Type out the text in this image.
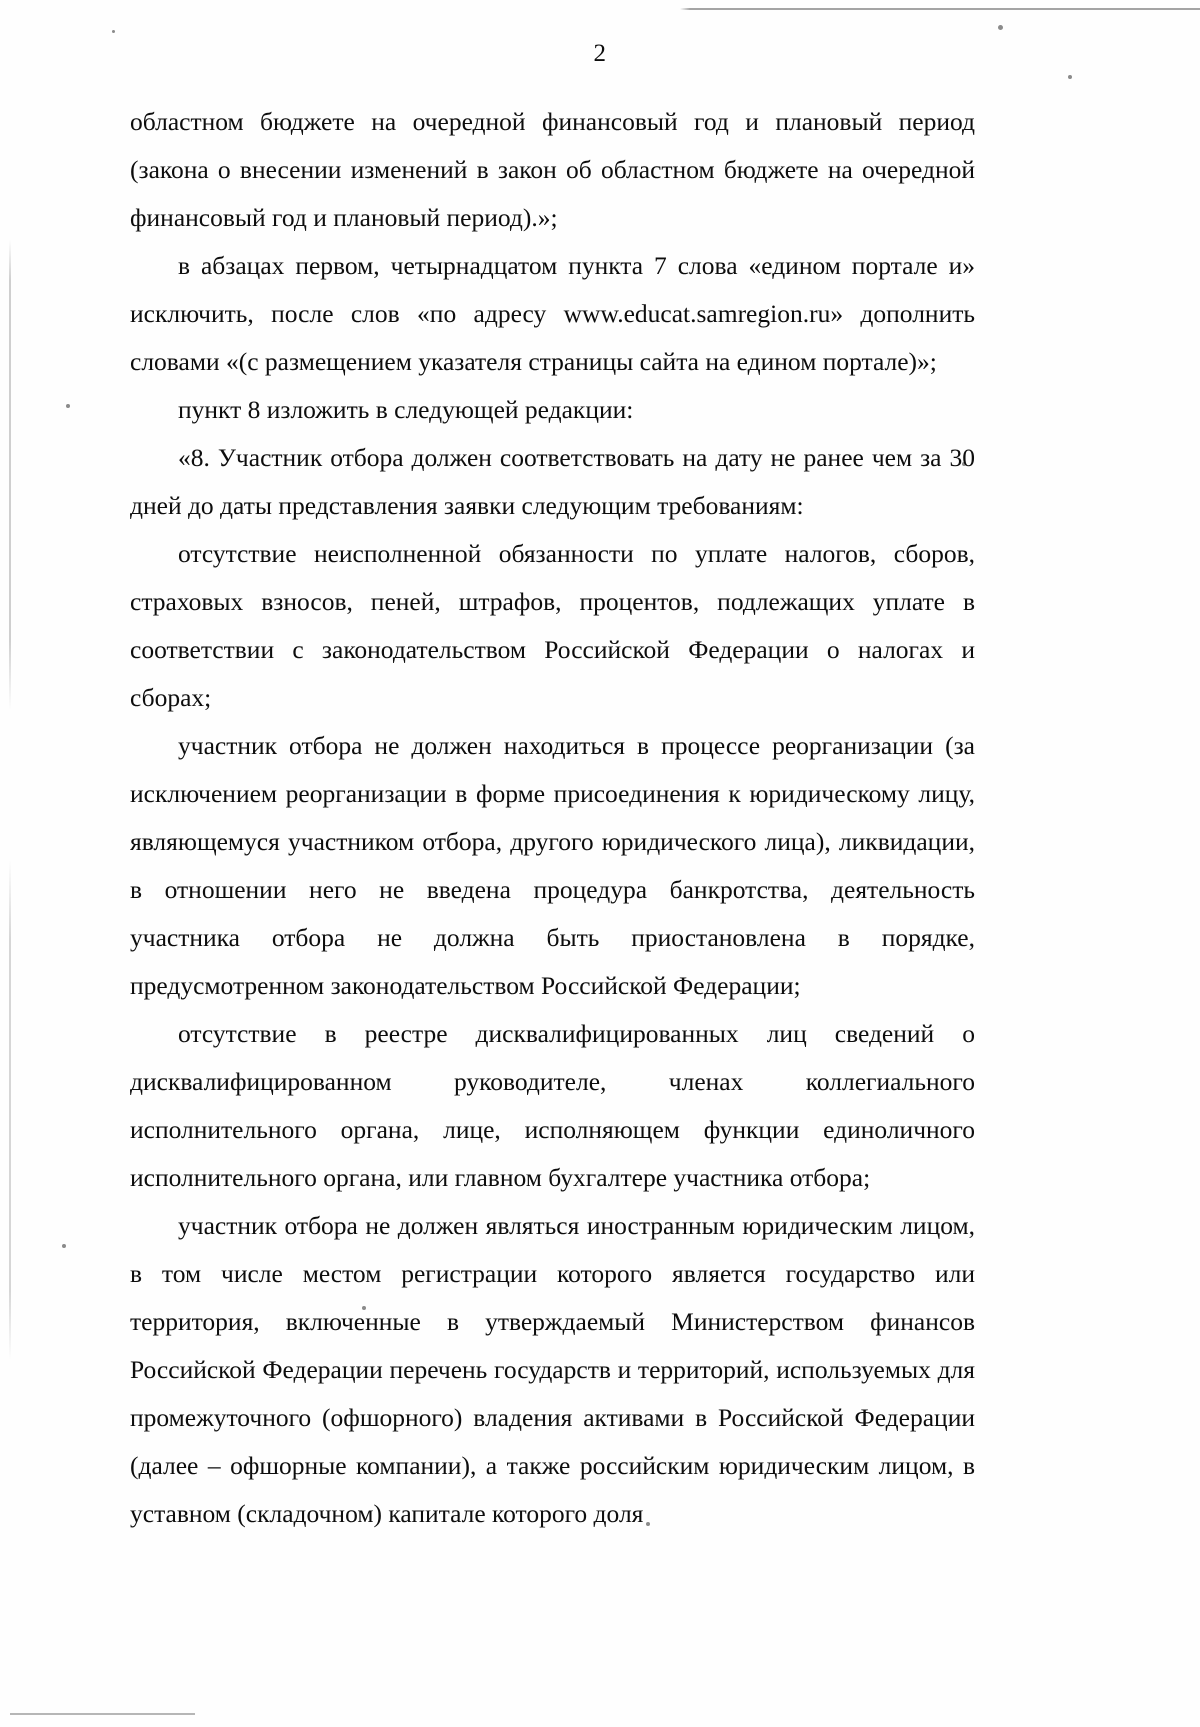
2

областном бюджете на очередной финансовый год и плановый период (закона о внесении изменений в закон об областном бюджете на очередной финансовый год и плановый период).»;

в абзацах первом, четырнадцатом пункта 7 слова «едином портале и» исключить, после слов «по адресу www.educat.samregion.ru» дополнить словами «(с размещением указателя страницы сайта на едином портале)»;

пункт 8 изложить в следующей редакции:

«8. Участник отбора должен соответствовать на дату не ранее чем за 30 дней до даты представления заявки следующим требованиям:

отсутствие неисполненной обязанности по уплате налогов, сборов, страховых взносов, пеней, штрафов, процентов, подлежащих уплате в соответствии с законодательством Российской Федерации о налогах и сборах;

участник отбора не должен находиться в процессе реорганизации (за исключением реорганизации в форме присоединения к юридическому лицу, являющемуся участником отбора, другого юридического лица), ликвидации, в отношении него не введена процедура банкротства, деятельность участника отбора не должна быть приостановлена в порядке, предусмотренном законодательством Российской Федерации;

отсутствие в реестре дисквалифицированных лиц сведений о дисквалифицированном руководителе, членах коллегиального исполнительного органа, лице, исполняющем функции единоличного исполнительного органа, или главном бухгалтере участника отбора;

участник отбора не должен являться иностранным юридическим лицом, в том числе местом регистрации которого является государство или территория, включенные в утверждаемый Министерством финансов Российской Федерации перечень государств и территорий, используемых для промежуточного (офшорного) владения активами в Российской Федерации (далее – офшорные компании), а также российским юридическим лицом, в уставном (складочном) капитале которого доля
